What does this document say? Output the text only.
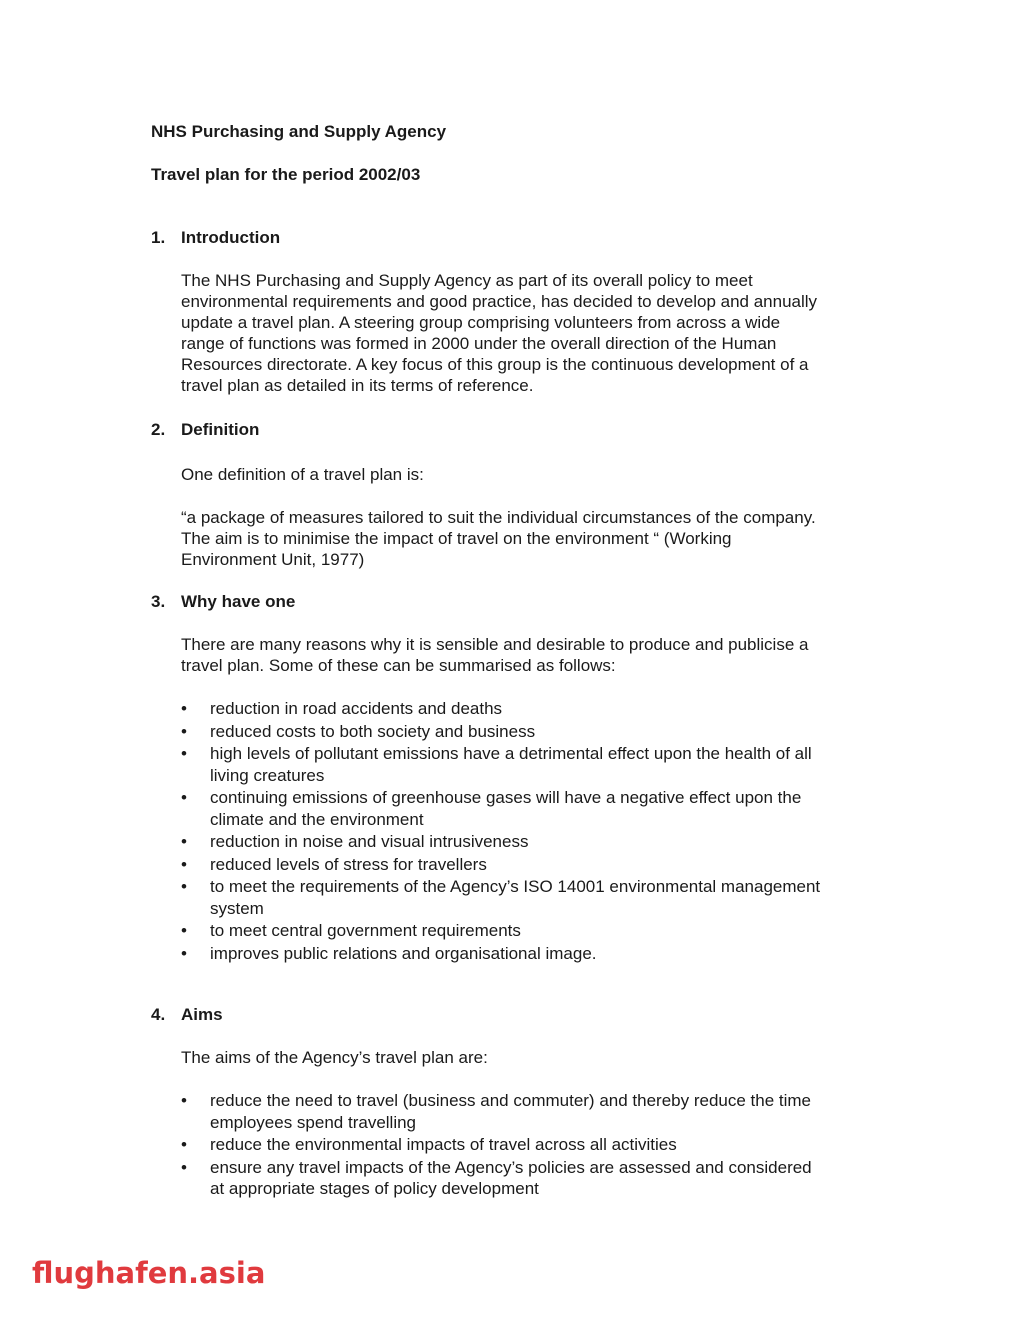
NHS Purchasing and Supply Agency
Travel plan for the period 2002/03
1. Introduction
The NHS Purchasing and Supply Agency as part of its overall policy to meet
environmental requirements and good practice, has decided to develop and annually
update a travel plan. A steering group comprising volunteers from across a wide
range of functions was formed in 2000 under the overall direction of the Human
Resources directorate. A key focus of this group is the continuous development of a
travel plan as detailed in its terms of reference.
2. Definition
One definition of a travel plan is:
“a package of measures tailored to suit the individual circumstances of the company.
The aim is to minimise the impact of travel on the environment “ (Working
Environment Unit, 1977)
3. Why have one
There are many reasons why it is sensible and desirable to produce and publicise a
travel plan. Some of these can be summarised as follows:
• reduction in road accidents and deaths
• reduced costs to both society and business
• high levels of pollutant emissions have a detrimental effect upon the health of all
living creatures
• continuing emissions of greenhouse gases will have a negative effect upon the
climate and the environment
• reduction in noise and visual intrusiveness
• reduced levels of stress for travellers
• to meet the requirements of the Agency’s ISO 14001 environmental management
system
• to meet central government requirements
• improves public relations and organisational image.
4. Aims
The aims of the Agency’s travel plan are:
• reduce the need to travel (business and commuter) and thereby reduce the time
employees spend travelling
• reduce the environmental impacts of travel across all activities
• ensure any travel impacts of the Agency’s policies are assessed and considered
at appropriate stages of policy development
flughafen.asia
